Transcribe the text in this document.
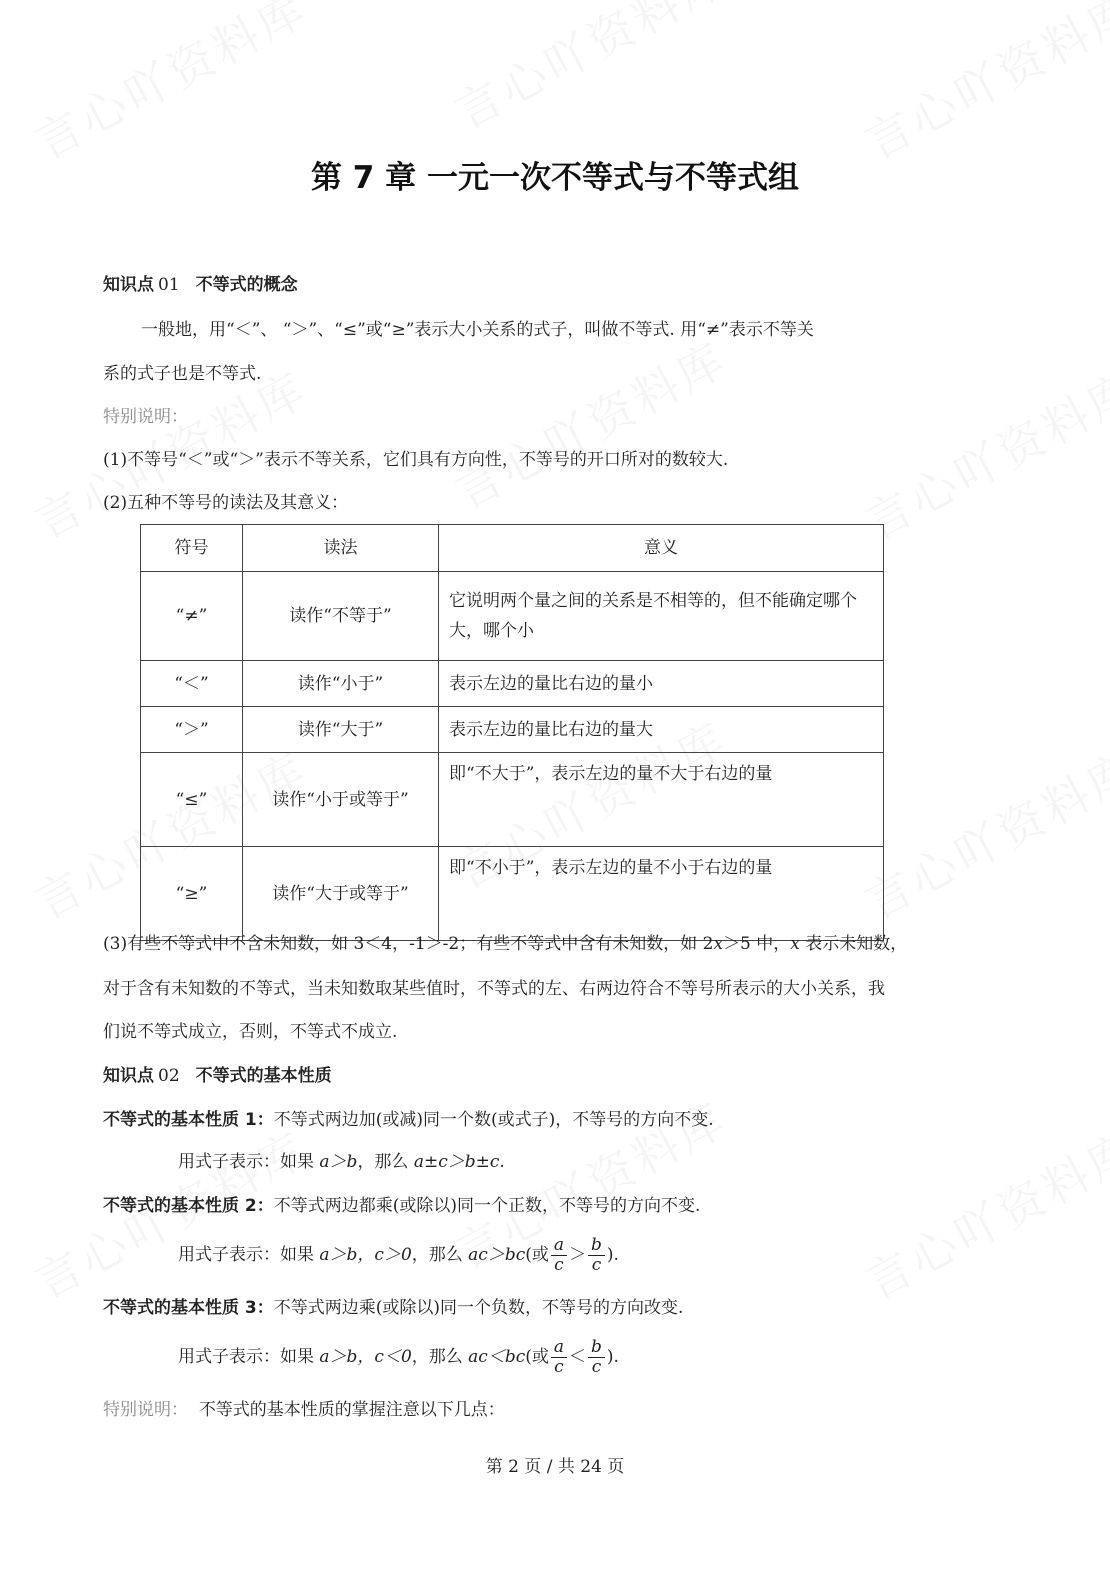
第 7 章 一元一次不等式与不等式组
知识点 01 不等式的概念
一般地，用“＜”、 “＞”、“≤”或“≥”表示大小关系的式子，叫做不等式. 用“≠”表示不等关
系的式子也是不等式.
特别说明：
(1)不等号“＜”或“＞”表示不等关系，它们具有方向性，不等号的开口所对的数较大.
(2)五种不等号的读法及其意义：
符号	读法	意义
“≠”	读作“不等于”	它说明两个量之间的关系是不相等的，但不能确定哪个大，哪个小
“＜”	读作“小于”	表示左边的量比右边的量小
“＞”	读作“大于”	表示左边的量比右边的量大
“≤”	读作“小于或等于”	即“不大于”，表示左边的量不大于右边的量
“≥”	读作“大于或等于”	即“不小于”，表示左边的量不小于右边的量
(3)有些不等式中不含未知数，如 3＜4，-1＞-2；有些不等式中含有未知数，如 2x＞5 中，x 表示未知数，
对于含有未知数的不等式，当未知数取某些值时，不等式的左、右两边符合不等号所表示的大小关系，我
们说不等式成立，否则，不等式不成立.
知识点 02 不等式的基本性质
不等式的基本性质 1：不等式两边加(或减)同一个数(或式子)，不等号的方向不变.
用式子表示：如果 a＞b，那么 a±c＞b±c.
不等式的基本性质 2：不等式两边都乘(或除以)同一个正数，不等号的方向不变.
用式子表示：如果 a＞b，c＞0，那么 ac＞bc(或 $\frac{a}{c} > \frac{b}{c}$ ).
不等式的基本性质 3：不等式两边乘(或除以)同一个负数，不等号的方向改变.
用式子表示：如果 a＞b，c＜0，那么 ac＜bc(或 $\frac{a}{c} < \frac{b}{c}$ ).
特别说明： 不等式的基本性质的掌握注意以下几点：
第 2 页 / 共 24 页
